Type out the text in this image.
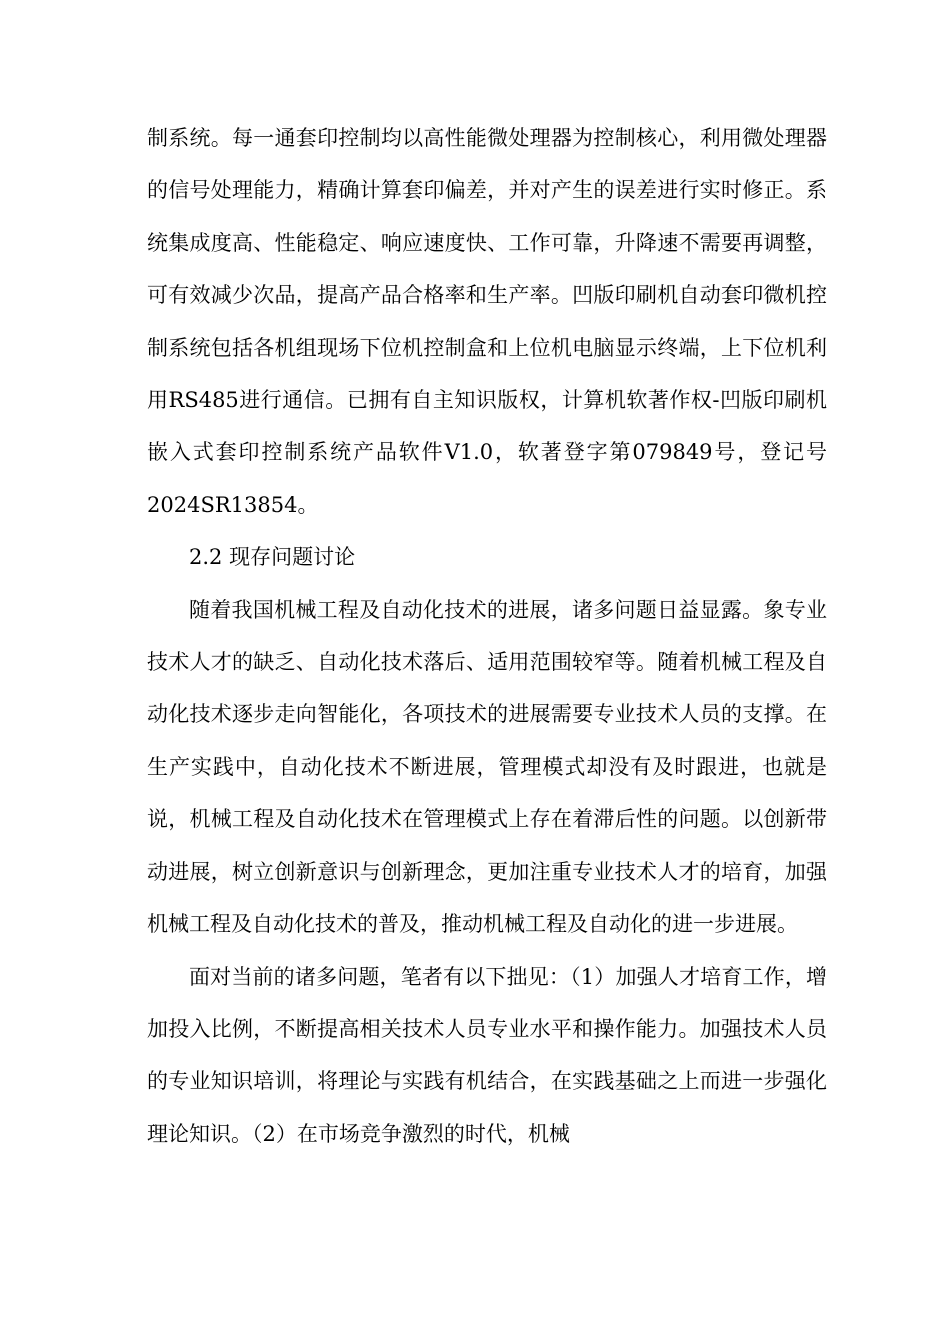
制系统。每一通套印控制均以高性能微处理器为控制核心，利用微处理器的信号处理能力，精确计算套印偏差，并对产生的误差进行实时修正。系统集成度高、性能稳定、响应速度快、工作可靠，升降速不需要再调整，可有效减少次品，提高产品合格率和生产率。凹版印刷机自动套印微机控制系统包括各机组现场下位机控制盒和上位机电脑显示终端，上下位机利用RS485进行通信。已拥有自主知识版权，计算机软著作权-凹版印刷机嵌入式套印控制系统产品软件V1.0，软著登字第079849号，登记号2024SR13854。

2.2 现存问题讨论

随着我国机械工程及自动化技术的进展，诸多问题日益显露。象专业技术人才的缺乏、自动化技术落后、适用范围较窄等。随着机械工程及自动化技术逐步走向智能化，各项技术的进展需要专业技术人员的支撑。在生产实践中，自动化技术不断进展，管理模式却没有及时跟进，也就是说，机械工程及自动化技术在管理模式上存在着滞后性的问题。以创新带动进展，树立创新意识与创新理念，更加注重专业技术人才的培育，加强机械工程及自动化技术的普及，推动机械工程及自动化的进一步进展。

面对当前的诸多问题，笔者有以下拙见：（1）加强人才培育工作，增加投入比例，不断提高相关技术人员专业水平和操作能力。加强技术人员的专业知识培训，将理论与实践有机结合，在实践基础之上而进一步强化理论知识。（2）在市场竞争激烈的时代，机械
